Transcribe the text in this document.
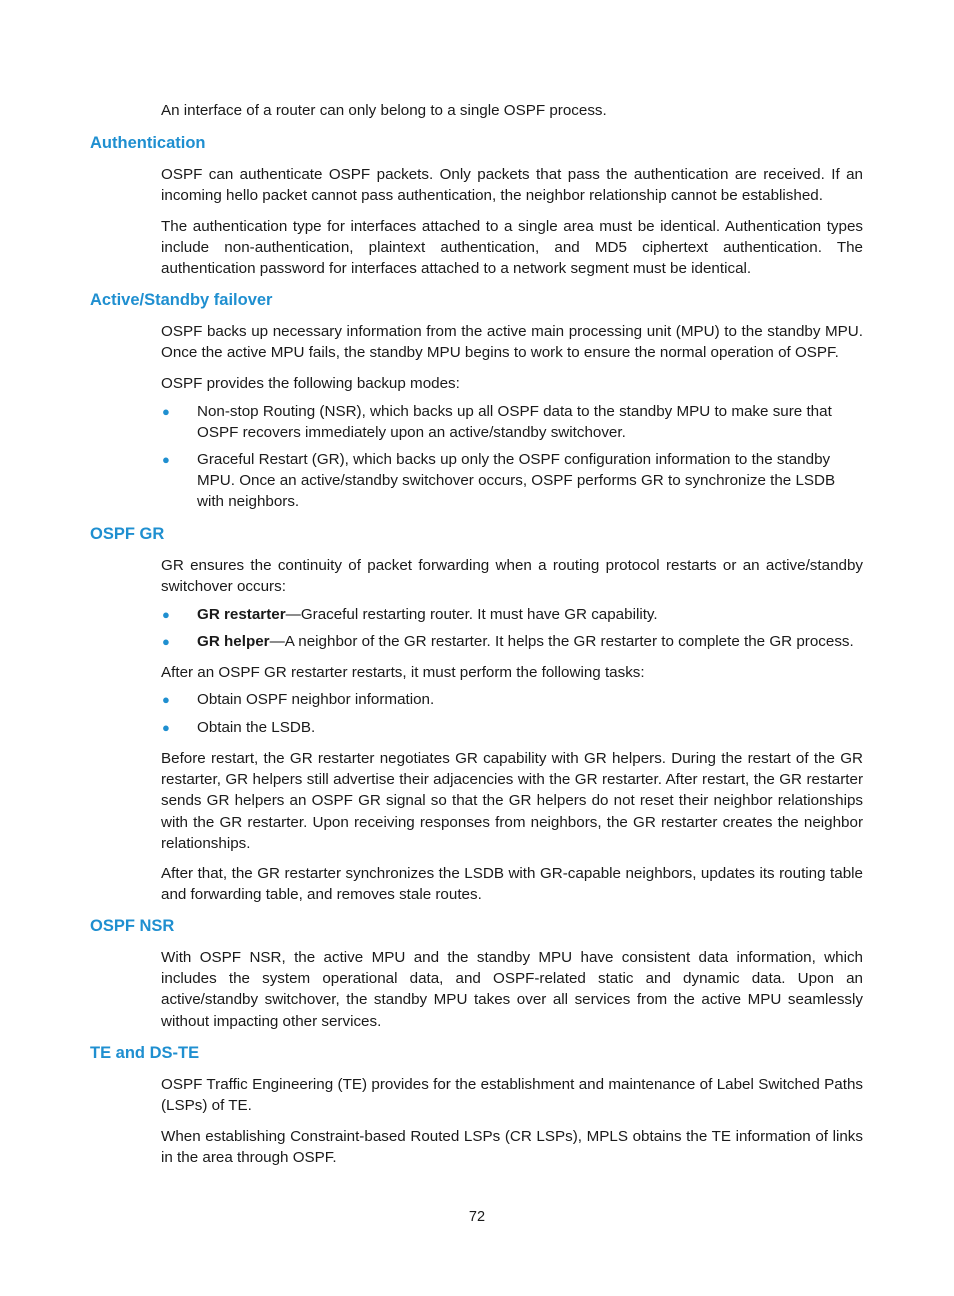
An interface of a router can only belong to a single OSPF process.

Authentication

OSPF can authenticate OSPF packets. Only packets that pass the authentication are received. If an incoming hello packet cannot pass authentication, the neighbor relationship cannot be established.

The authentication type for interfaces attached to a single area must be identical. Authentication types include non-authentication, plaintext authentication, and MD5 ciphertext authentication. The authentication password for interfaces attached to a network segment must be identical.

Active/Standby failover

OSPF backs up necessary information from the active main processing unit (MPU) to the standby MPU. Once the active MPU fails, the standby MPU begins to work to ensure the normal operation of OSPF.

OSPF provides the following backup modes:

● Non-stop Routing (NSR), which backs up all OSPF data to the standby MPU to make sure that OSPF recovers immediately upon an active/standby switchover.
● Graceful Restart (GR), which backs up only the OSPF configuration information to the standby MPU. Once an active/standby switchover occurs, OSPF performs GR to synchronize the LSDB with neighbors.
OSPF GR

GR ensures the continuity of packet forwarding when a routing protocol restarts or an active/standby switchover occurs:

● GR restarter—Graceful restarting router. It must have GR capability.
● GR helper—A neighbor of the GR restarter. It helps the GR restarter to complete the GR process.

After an OSPF GR restarter restarts, it must perform the following tasks:

● Obtain OSPF neighbor information.
● Obtain the LSDB.

Before restart, the GR restarter negotiates GR capability with GR helpers. During the restart of the GR restarter, GR helpers still advertise their adjacencies with the GR restarter. After restart, the GR restarter sends GR helpers an OSPF GR signal so that the GR helpers do not reset their neighbor relationships with the GR restarter. Upon receiving responses from neighbors, the GR restarter creates the neighbor relationships.

After that, the GR restarter synchronizes the LSDB with GR-capable neighbors, updates its routing table and forwarding table, and removes stale routes.

OSPF NSR

With OSPF NSR, the active MPU and the standby MPU have consistent data information, which includes the system operational data, and OSPF-related static and dynamic data. Upon an active/standby switchover, the standby MPU takes over all services from the active MPU seamlessly without impacting other services.

TE and DS-TE

OSPF Traffic Engineering (TE) provides for the establishment and maintenance of Label Switched Paths (LSPs) of TE.

When establishing Constraint-based Routed LSPs (CR LSPs), MPLS obtains the TE information of links in the area through OSPF.

72
